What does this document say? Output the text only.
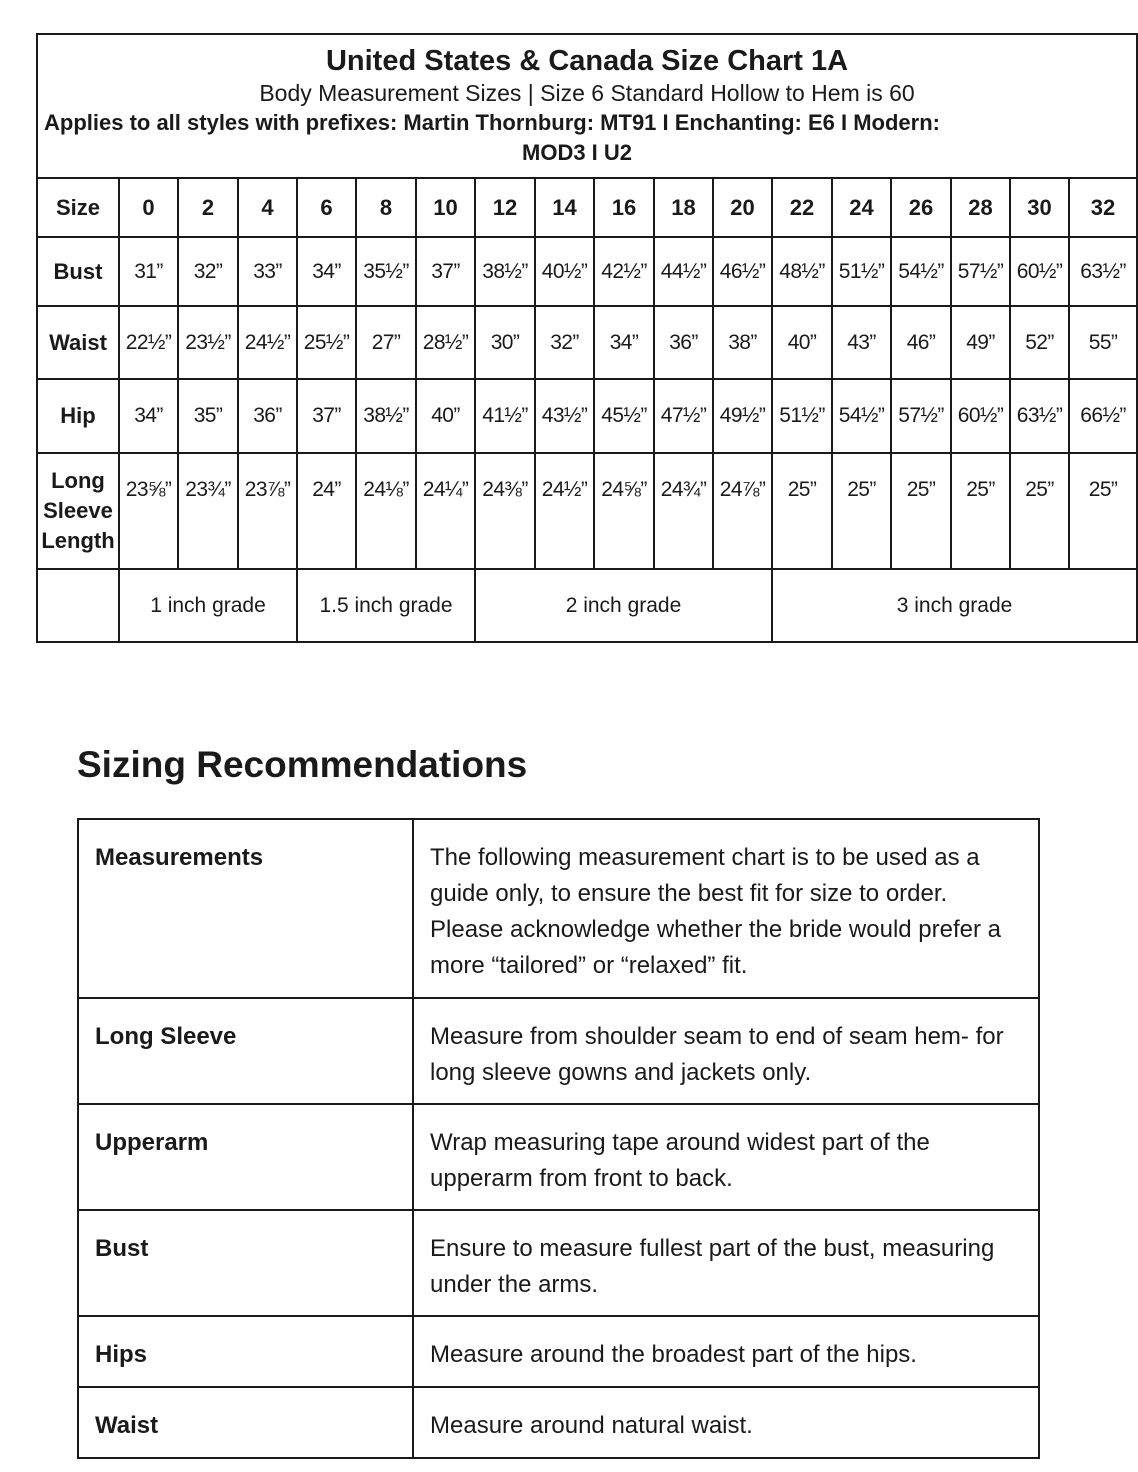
United States & Canada Size Chart 1A
Body Measurement Sizes | Size 6 Standard Hollow to Hem is 60
Applies to all styles with prefixes: Martin Thornburg: MT91 I Enchanting: E6 I Modern:
MOD3 I U2																	

Size	0	2	4	6	8	10	12	14	16	18	20	22	24	26	28	30	32
Bust	31”	32”	33”	34”	35½”	37”	38½”	40½”	42½”	44½”	46½”	48½”	51½”	54½”	57½”	60½”	63½”
Waist	22½”	23½”	24½”	25½”	27”	28½”	30”	32”	34”	36”	38”	40”	43”	46”	49”	52”	55”
Hip	34”	35”	36”	37”	38½”	40”	41½”	43½”	45½”	47½”	49½”	51½”	54½”	57½”	60½”	63½”	66½”
Long Sleeve Length	23⅝”	23¾”	23⅞”	24”	24⅛”	24¼”	24⅜”	24½”	24⅝”	24¾”	24⅞”	25”	25”	25”	25”	25”	25”
	1 inch grade			1.5 inch grade			2 inch grade					3 inch grade					
Sizing Recommendations
Measurements	The following measurement chart is to be used as a guide only, to ensure the best fit for size to order. Please acknowledge whether the bride would prefer a more “tailored” or “relaxed” fit.
Long Sleeve	Measure from shoulder seam to end of seam hem- for long sleeve gowns and jackets only.
Upperarm	Wrap measuring tape around widest part of the upperarm from front to back.
Bust	Ensure to measure fullest part of the bust, measuring under the arms.
Hips	Measure around the broadest part of the hips.
Waist	Measure around natural waist.
